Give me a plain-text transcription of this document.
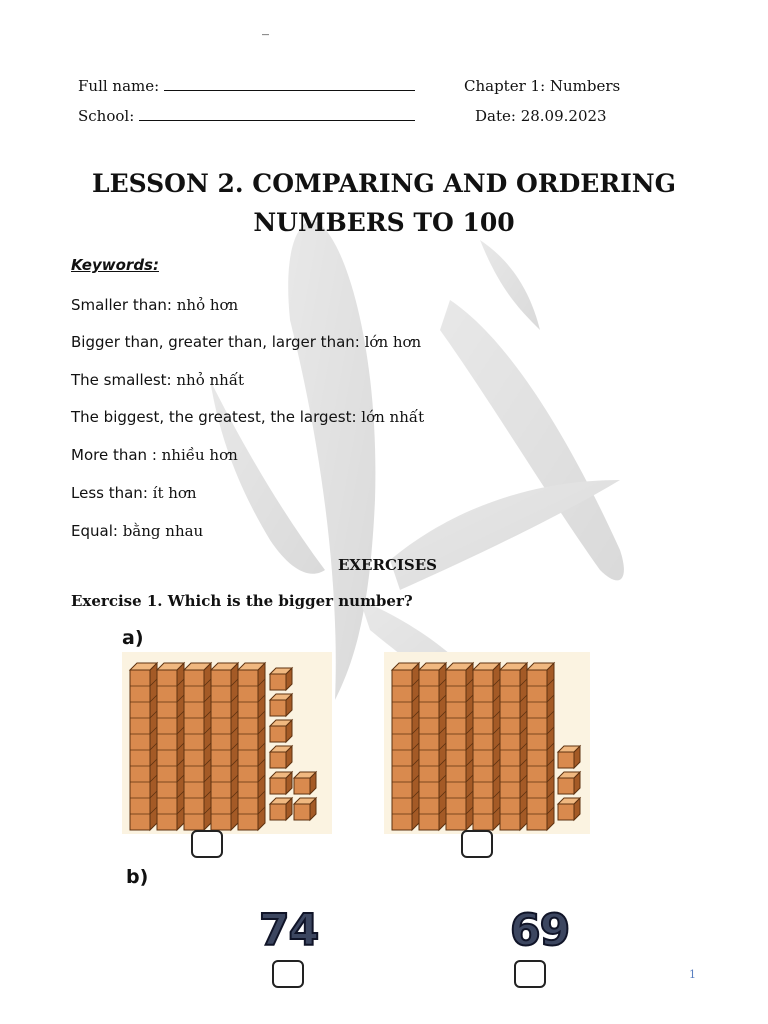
_
Full name:
School:
Chapter 1: Numbers
Date: 28.09.2023
LESSON 2. COMPARING AND ORDERING
NUMBERS TO 100
Keywords:
Smaller than: nhỏ hơn
Bigger than, greater than, larger than: lớn hơn
The smallest: nhỏ nhất
The biggest, the greatest, the largest: lớn nhất
More than : nhiều hơn
Less than: ít hơn
Equal: bằng nhau
EXERCISES
Exercise 1. Which is the bigger number?
a)
b)
74	69
1
